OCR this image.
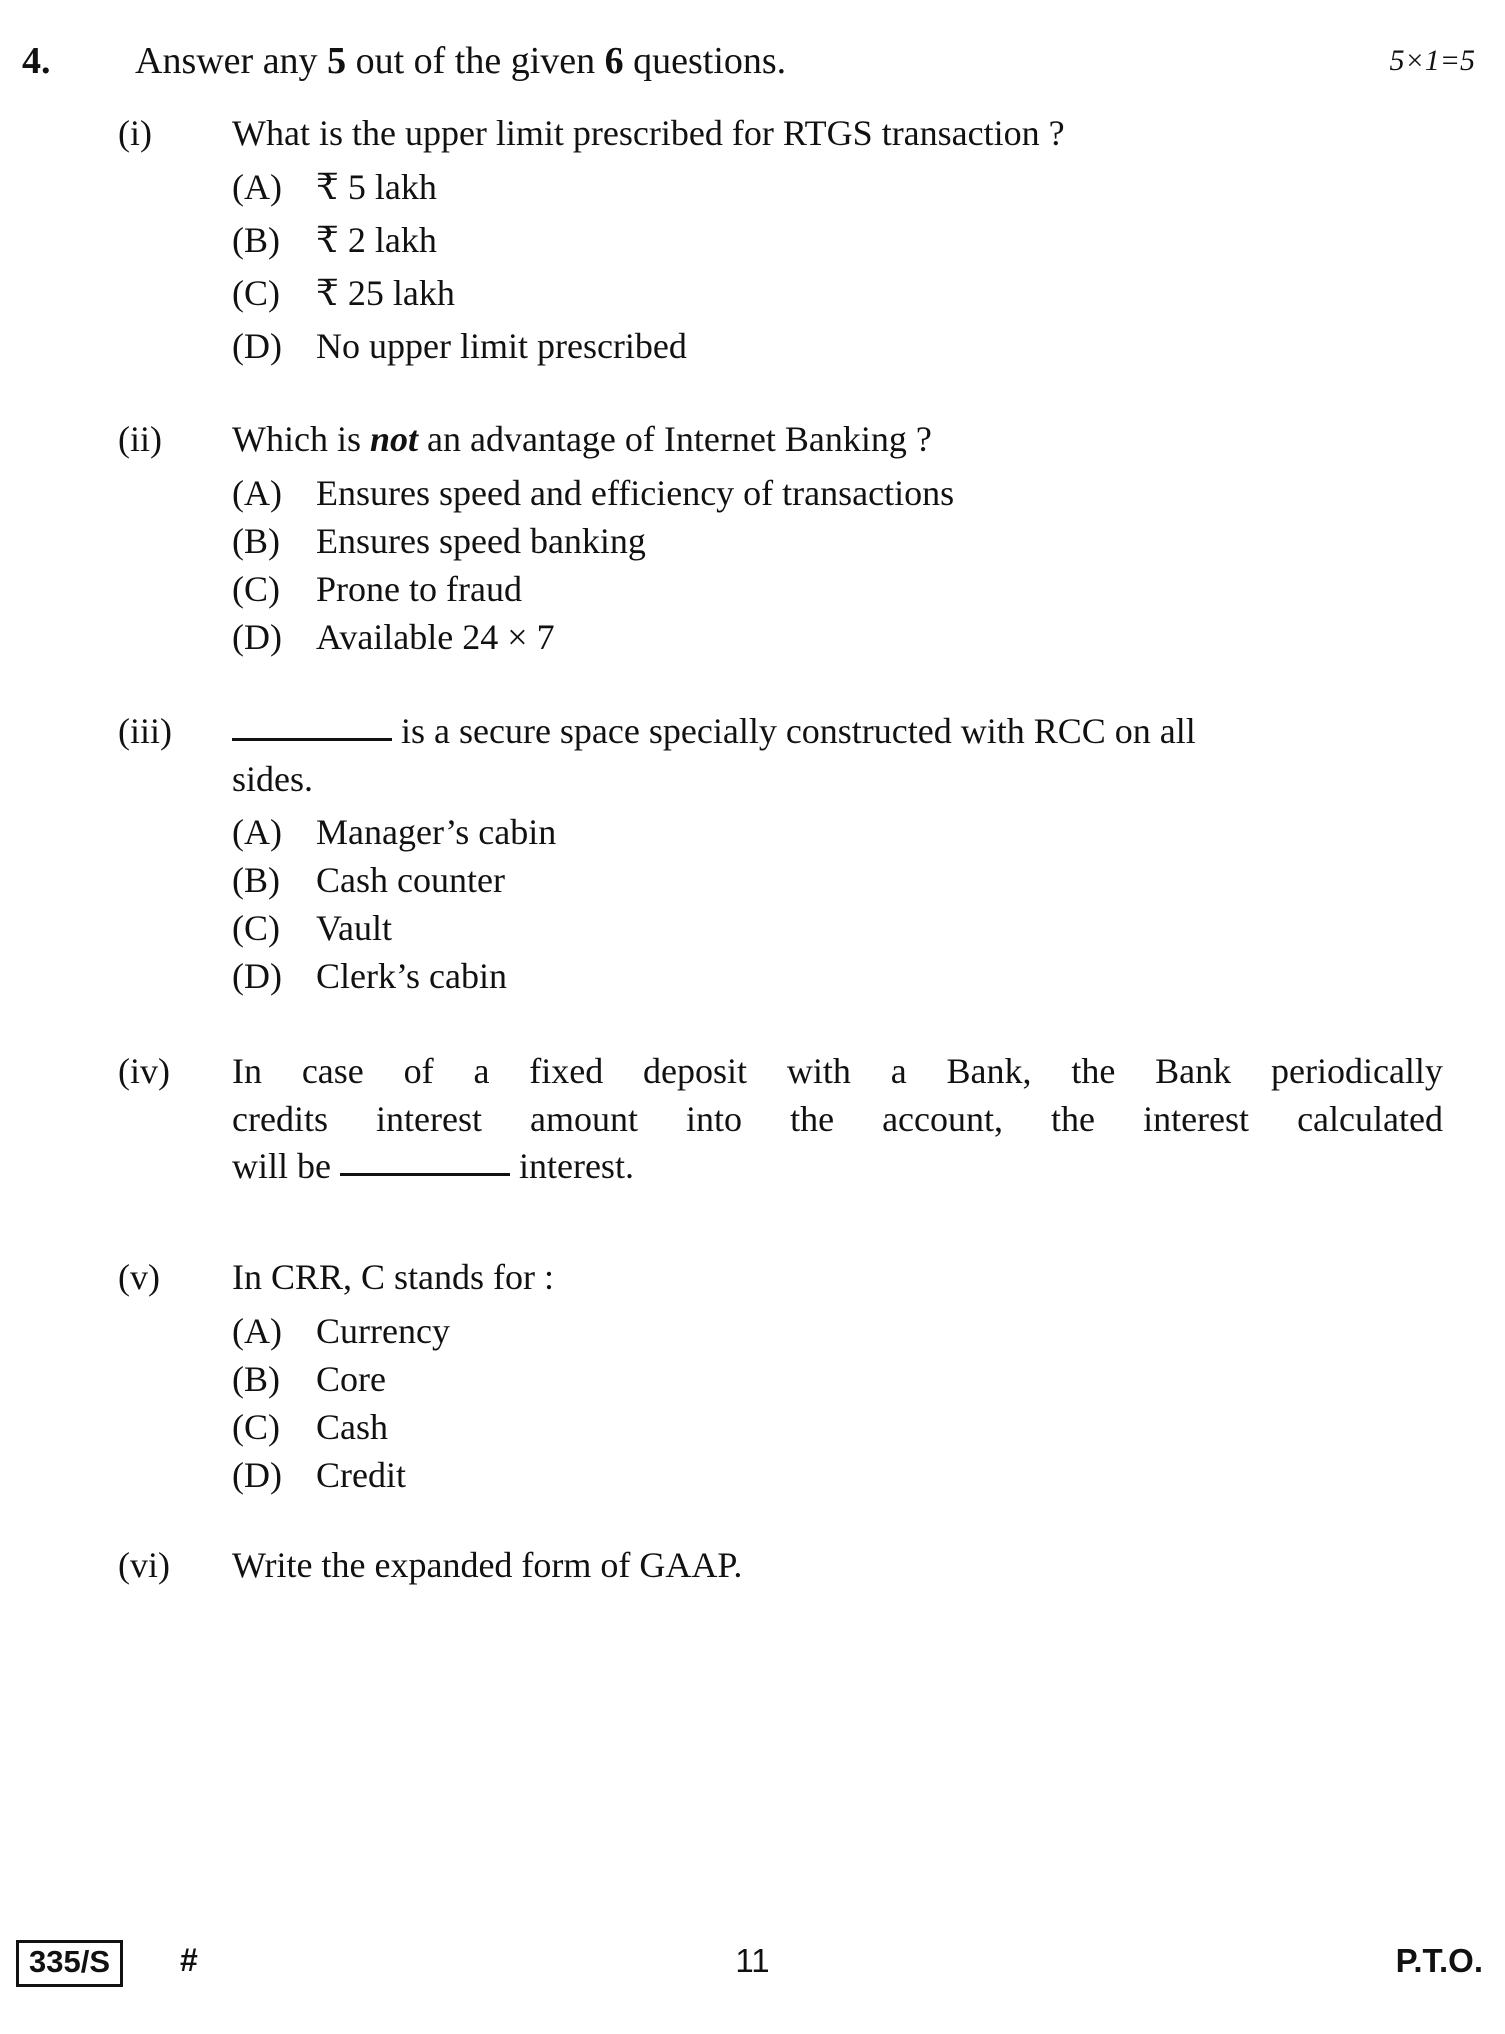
4. Answer any 5 out of the given 6 questions.	5×1=5
(i)	What is the upper limit prescribed for RTGS transaction ?
(A) ₹ 5 lakh
(B)	₹ 2 lakh
(C)	₹ 25 lakh
(D) No upper limit prescribed
(ii)	Which is not an advantage of Internet Banking ?
(A) Ensures speed and efficiency of transactions
(B)	Ensures speed banking
(C)	Prone to fraud
(D) Available 24 × 7
(iii)	is a secure space specially constructed with RCC on all
sides.
(A) Manager’s cabin
(B)	Cash counter
(C)	Vault
(D) Clerk’s cabin
(iv)	In case of a fixed deposit with a Bank, the Bank periodically
credits interest amount into the account, the interest calculated
will be	interest.
(v)	In CRR, C stands for :
(A) Currency
(B)	Core
(C)	Cash
(D) Credit
(vi)	Write the expanded form of GAAP.
335/S	#	11	P.T.O.
